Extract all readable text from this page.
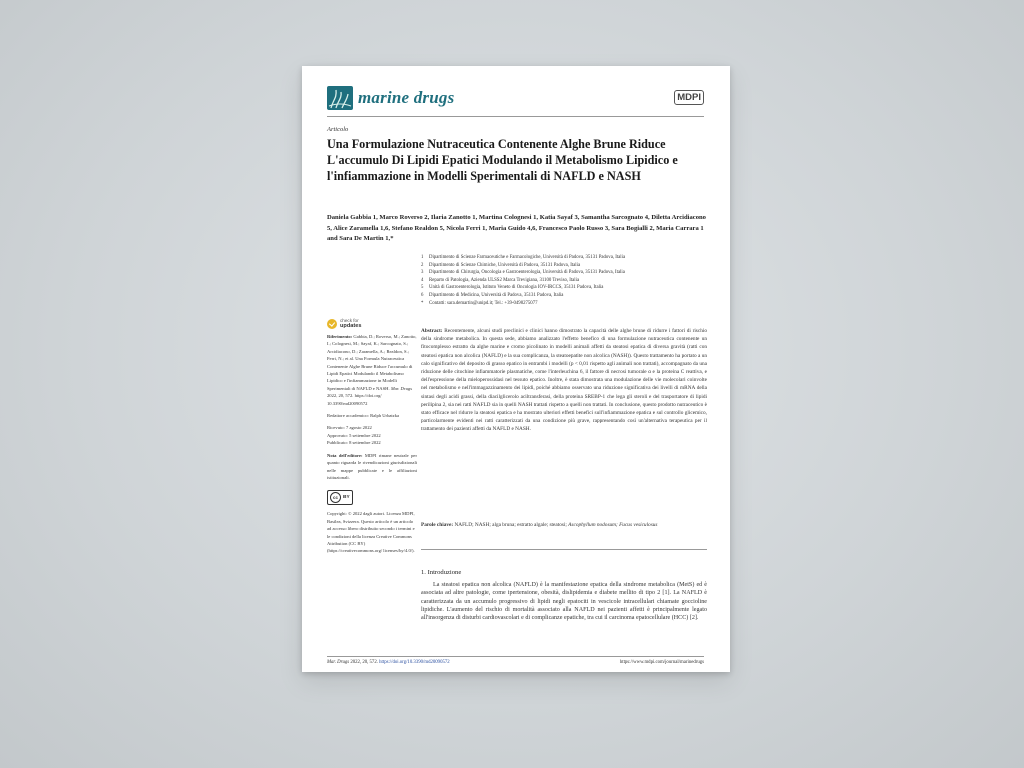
marine drugs	MDPI
Articolo
Una Formulazione Nutraceutica Contenente Alghe Brune Riduce L'accumulo Di Lipidi Epatici Modulando il Metabolismo Lipidico e l'infiammazione in Modelli Sperimentali di NAFLD e NASH
Daniela Gabbia 1, Marco Roverso 2, Ilaria Zanotto 1, Martina Colognesi 1, Katia Sayaf 3, Samantha Sarcognato 4, Diletta Arcidiacono 5, Alice Zaramella 1,6, Stefano Realdon 5, Nicola Ferri 1, Maria Guido 4,6, Francesco Paolo Russo 3, Sara Bogialli 2, Maria Carrara 1 and Sara De Martin 1,*
1 Dipartimento di Scienze Farmaceutiche e Farmacologiche, Università di Padova, 35131 Padova, Italia
2 Dipartimento di Scienze Chimiche, Università di Padova, 35131 Padova, Italia
3 Dipartimento di Chirurgia, Oncologia e Gastroenterologia, Università di Padova, 35131 Padova, Italia
4 Reparto di Patologia, Azienda ULSS2 Marca Trevigiana, 31100 Treviso, Italia
5 Unità di Gastroenterologia, Istituto Veneto di Oncologia IOV-IRCCS, 35131 Padova, Italia
6 Dipartimento di Medicina, Università di Padova, 35131 Padova, Italia
* Contatti: sara.demartin@unipd.it; Tel.: +39-0498275077
check for
updates
Riferimento: Gabbia, D.; Roverso, M.; Zanotto, I.; Colognesi, M.; Sayaf, K.; Sarcognato, S.; Arcidiacono, D.; Zaramella, A.; Realdon, S.; Ferri, N.; et al. Una Formula Nutraceutica Contenente Alghe Brune Riduce l'accumulo di Lipidi Epatici Modulando il Metabolismo Lipidico e l'infiammazione in Modelli Sperimentali di NAFLD e NASH. Mar. Drugs 2022, 20, 572. https://doi.org/ 10.3390/md20090572
Redattore accademico: Ralph Urbatzka
Ricevuto: 7 agosto 2022
Approvato: 5 settembre 2022
Pubblicato: 8 settembre 2022
Nota dell'editore: MDPI rimane neutrale per quanto riguarda le rivendicazioni giurisdizionali nelle mappe pubblicate e le affiliazioni istituzionali.
cc	BY
Copyright: © 2022 dagli autori. Licenza MDPI, Basilea, Svizzera. Questo articolo è un articolo ad accesso libero distribuito secondo i termini e le condizioni della licenza Creative Commons Attribution (CC BY) (https://creativecommons.org/ licenses/by/4.0/).
Abstract: Recentemente, alcuni studi preclinici e clinici hanno dimostrato la capacità delle alghe brune di ridurre i fattori di rischio della sindrome metabolica. In questa sede, abbiamo analizzato l'effetto benefico di una formulazione nutraceutica contenente un fitocomplesso estratto da alghe marine e cromo picolinato in modelli animali affetti da steatosi epatica di diversa gravità (ratti con steatosi epatica non alcolica (NAFLD) e la sua complicanza, la steatoepatite non alcolica (NASH)). Questo trattamento ha portato a un calo significativo del deposito di grasso epatico in entrambi i modelli (p < 0,01 rispetto agli animali non trattati), accompagnato da una riduzione delle citochine infiammatorie plasmatiche, come l'interleuchina 6, il fattore di necrosi tumorale α e la proteina C reattiva, e dell'espressione della mieloperossidasi nel tessuto epatico. Inoltre, è stata dimostrata una modulazione delle vie molecolari coinvolte nel metabolismo e nell'immagazzinamento dei lipidi, poiché abbiamo osservato una riduzione significativa dei livelli di mRNA della sintasi degli acidi grassi, della diacilglicerolo aciltransferasi, della proteina SREBP-1 che lega gli steroli e del trasportatore di lipidi perilipina 2, sia nei ratti NAFLD sia in quelli NASH trattati rispetto a quelli non trattati. In conclusione, questo prodotto nutraceutico è stato efficace nel ridurre la steatosi epatica e ha mostrato ulteriori effetti benefici sull'infiammazione epatica e sul controllo glicemico, particolarmente evidenti nei ratti caratterizzati da una condizione più grave, rappresentando così un'alternativa terapeutica per il trattamento dei pazienti affetti da NAFLD e NASH.
Parole chiave: NAFLD; NASH; alga bruna; estratto algale; steatosi; Ascophyllum nodosum; Fucus vesiculosus
1. Introduzione
La steatosi epatica non alcolica (NAFLD) è la manifestazione epatica della sindrome metabolica (MetS) ed è associata ad altre patologie, come ipertensione, obesità, dislipidemia e diabete mellito di tipo 2 [1]. La NAFLD è caratterizzata da un accumulo progressivo di lipidi negli epatociti in vescicole intracellulari chiamate goccioline lipidiche. L'aumento del rischio di mortalità associato alla NAFLD nei pazienti affetti è principalmente legato all'insorgenza di disturbi cardiovascolari e di complicanze epatiche, tra cui il carcinoma epatocellulare (HCC) [2].
Mar. Drugs 2022, 20, 572. https://doi.org/10.3390/md20090572	https://www.mdpi.com/journal/marinedrugs
